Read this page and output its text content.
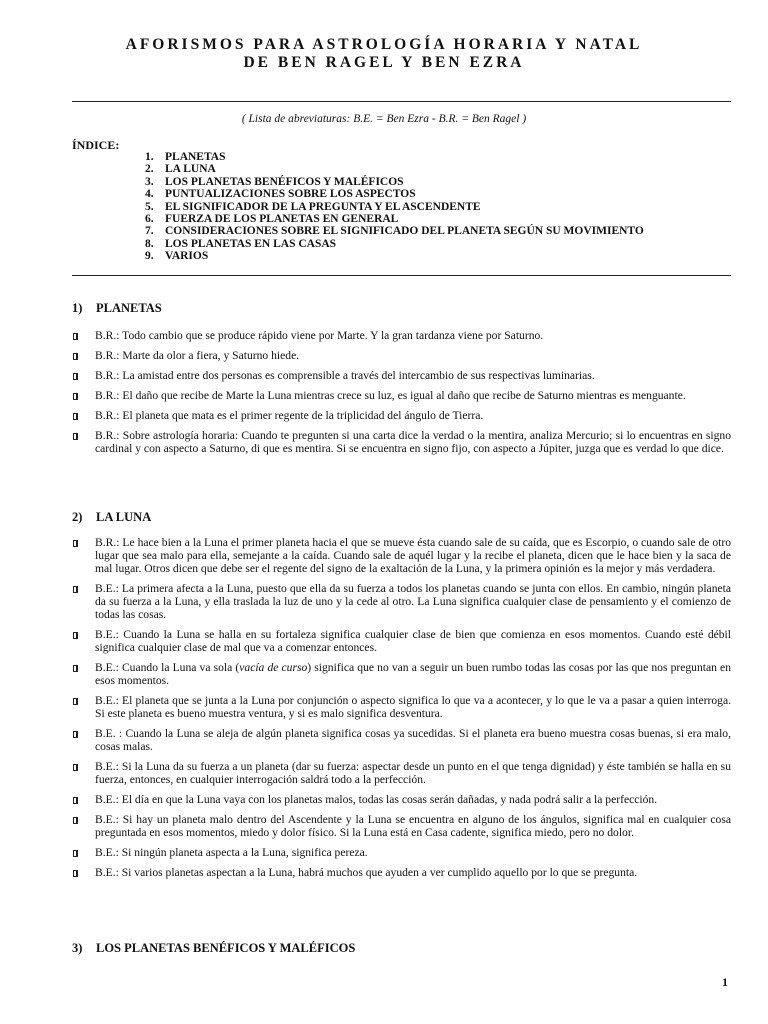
AFORISMOS PARA ASTROLOGÍA HORARIA Y NATAL
DE BEN RAGEL Y BEN EZRA
( Lista de abreviaturas: B.E. = Ben Ezra - B.R. = Ben Ragel )
ÍNDICE:
1. PLANETAS
2. LA LUNA
3. LOS PLANETAS BENÉFICOS Y MALÉFICOS
4. PUNTUALIZACIONES SOBRE LOS ASPECTOS
5. EL SIGNIFICADOR DE LA PREGUNTA Y EL ASCENDENTE
6. FUERZA DE LOS PLANETAS EN GENERAL
7. CONSIDERACIONES SOBRE EL SIGNIFICADO DEL PLANETA SEGÚN SU MOVIMIENTO
8. LOS PLANETAS EN LAS CASAS
9. VARIOS
1) PLANETAS
B.R.: Todo cambio que se produce rápido viene por Marte. Y la gran tardanza viene por Saturno.
B.R.: Marte da olor a fiera, y Saturno hiede.
B.R.: La amistad entre dos personas es comprensible a través del intercambio de sus respectivas luminarias.
B.R.: El daño que recibe de Marte la Luna mientras crece su luz, es igual al daño que recibe de Saturno mientras es menguante.
B.R.: El planeta que mata es el primer regente de la triplicidad del ángulo de Tierra.
B.R.: Sobre astrología horaria: Cuando te pregunten si una carta dice la verdad o la mentira, analiza Mercurio; si lo encuentras en signo cardinal y con aspecto a Saturno, di que es mentira. Si se encuentra en signo fijo, con aspecto a Júpiter, juzga que es verdad lo que dice.
2) LA LUNA
B.R.: Le hace bien a la Luna el primer planeta hacia el que se mueve ésta cuando sale de su caída, que es Escorpio, o cuando sale de otro lugar que sea malo para ella, semejante a la caída. Cuando sale de aquél lugar y la recibe el planeta, dicen que le hace bien y la saca de mal lugar. Otros dicen que debe ser el regente del signo de la exaltación de la Luna, y la primera opinión es la mejor y más verdadera.
B.E.: La primera afecta a la Luna, puesto que ella da su fuerza a todos los planetas cuando se junta con ellos. En cambio, ningún planeta da su fuerza a la Luna, y ella traslada la luz de uno y la cede al otro. La Luna significa cualquier clase de pensamiento y el comienzo de todas las cosas.
B.E.: Cuando la Luna se halla en su fortaleza significa cualquier clase de bien que comienza en esos momentos. Cuando esté débil significa cualquier clase de mal que va a comenzar entonces.
B.E.: Cuando la Luna va sola (vacía de curso) significa que no van a seguir un buen rumbo todas las cosas por las que nos preguntan en esos momentos.
B.E.: El planeta que se junta a la Luna por conjunción o aspecto significa lo que va a acontecer, y lo que le va a pasar a quien interroga. Si este planeta es bueno muestra ventura, y si es malo significa desventura.
B.E. : Cuando la Luna se aleja de algún planeta significa cosas ya sucedidas. Si el planeta era bueno muestra cosas buenas, si era malo, cosas malas.
B.E.: Si la Luna da su fuerza a un planeta (dar su fuerza: aspectar desde un punto en el que tenga dignidad) y éste también se halla en su fuerza, entonces, en cualquier interrogación saldrá todo a la perfección.
B.E.: El día en que la Luna vaya con los planetas malos, todas las cosas serán dañadas, y nada podrá salir a la perfección.
B.E.: Si hay un planeta malo dentro del Ascendente y la Luna se encuentra en alguno de los ángulos, significa mal en cualquier cosa preguntada en esos momentos, miedo y dolor físico. Si la Luna está en Casa cadente, significa miedo, pero no dolor.
B.E.: Si ningún planeta aspecta a la Luna, significa pereza.
B.E.: Si varios planetas aspectan a la Luna, habrá muchos que ayuden a ver cumplido aquello por lo que se pregunta.
3) LOS PLANETAS BENÉFICOS Y MALÉFICOS
1
